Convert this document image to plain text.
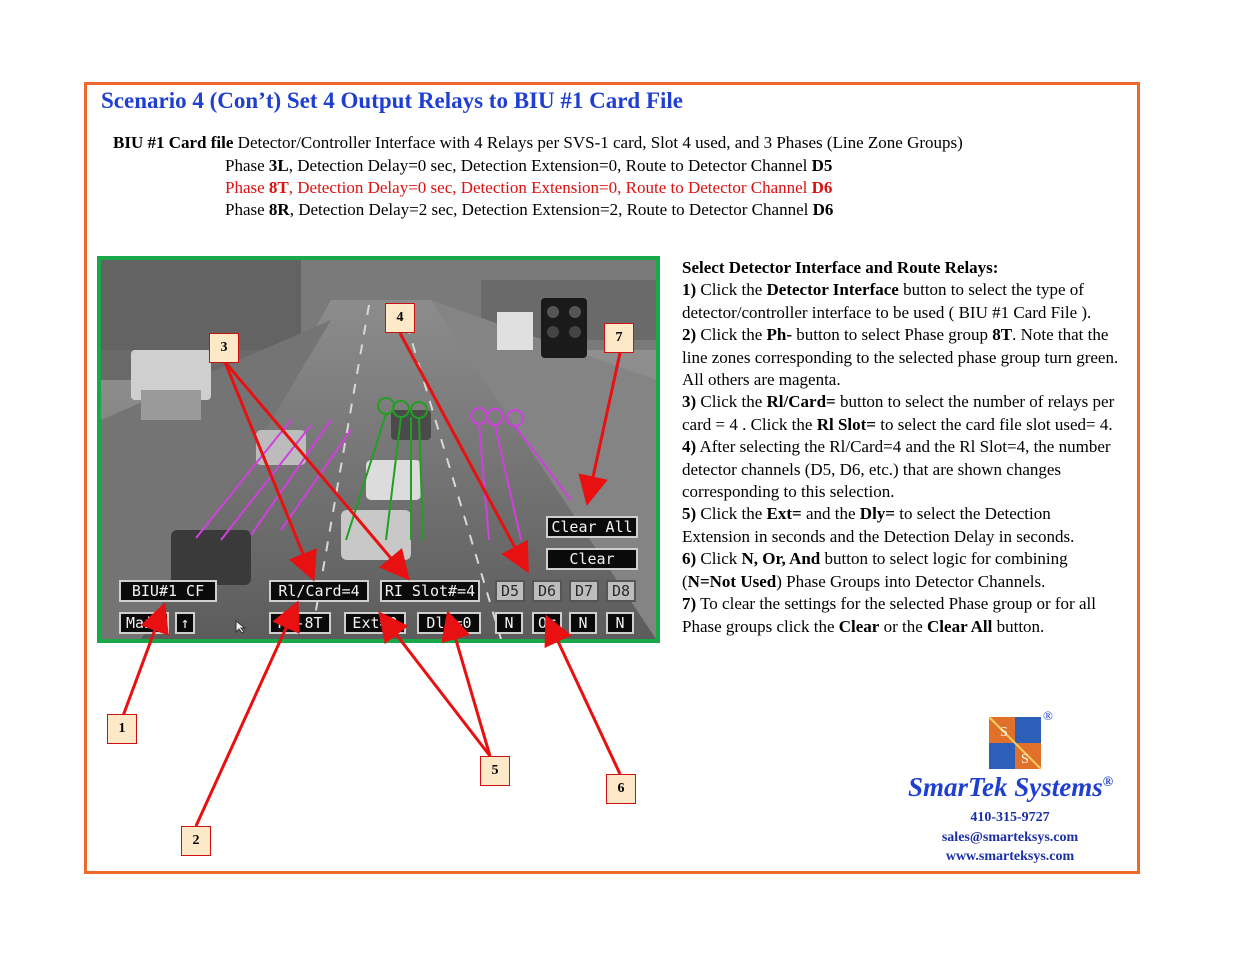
Scenario 4 (Con’t) Set 4 Output Relays to BIU #1 Card File
BIU #1 Card file Detector/Controller Interface with 4 Relays per SVS-1 card, Slot 4 used, and 3 Phases (Line Zone Groups)
Phase 3L, Detection Delay=0 sec, Detection Extension=0, Route to Detector Channel D5
Phase 8T, Detection Delay=0 sec, Detection Extension=0, Route to Detector Channel D6
Phase 8R, Detection Delay=2 sec, Detection Extension=2, Route to Detector Channel D6
Clear All
Clear
BIU#1 CF	Rl/Card=4	RI Slot#=4	D5	D6	D7	D8
Main	↑	Ph-8T	Ext=0	Dly=0	N	Or	N	N
1
2
3
4
5
6
7

Select Detector Interface and Route Relays:

1) Click the Detector Interface button to select the type of detector/controller interface to be used ( BIU #1 Card File ).

2) Click the Ph- button to select Phase group 8T. Note that the line zones corresponding to the selected phase group turn green. All others are magenta.

3) Click the Rl/Card= button to select the number of relays per card = 4 . Click the Rl Slot= to select the card file slot used= 4.

4) After selecting the Rl/Card=4 and the Rl Slot=4, the number detector channels (D5, D6, etc.) that are shown changes corresponding to this selection.

5) Click the Ext= and the Dly= to select the Detection Extension in seconds and the Detection Delay in seconds.

6) Click N, Or, And button to select logic for combining (N=Not Used) Phase Groups into Detector Channels.

7) To clear the settings for the selected Phase group or for all Phase groups click the Clear or the Clear All button.

S
S
®
SmarTek Systems®
410-315-9727
sales@smarteksys.com
www.smarteksys.com
